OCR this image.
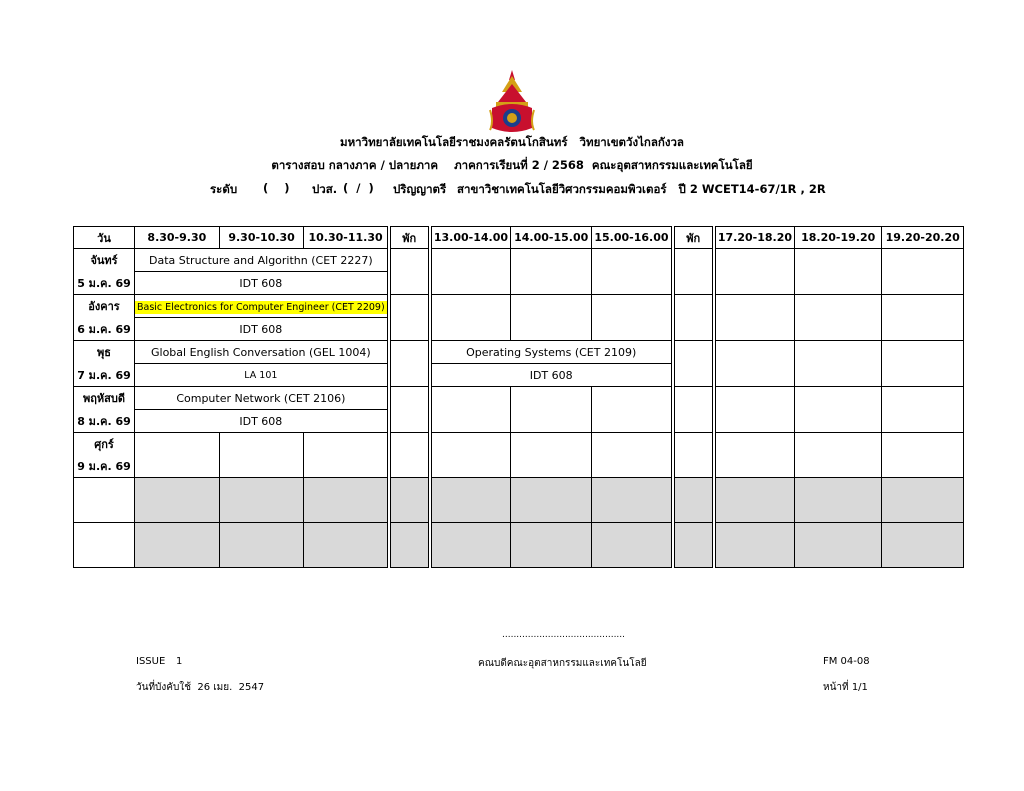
มหาวิทยาลัยเทคโนโลยีราชมงคลรัตนโกสินทร์   วิทยาเขตวังไกลกังวล
ตารางสอบ กลางภาค / ปลายภาค    ภาคการเรียนที่ 2 / 2568  คณะอุตสาหกรรมและเทคโนโลยี
ระดับ (    ) ปวส. (  /  ) ปริญญาตรี สาขาวิชาเทคโนโลยีวิศวกรรมคอมพิวเตอร์   ปี 2 WCET14-67/1R , 2R
วัน	8.30-9.30	9.30-10.30	10.30-11.30	พัก	13.00-14.00	14.00-15.00	15.00-16.00	พัก	17.20-18.20	18.20-19.20	19.20-20.20
จันทร์	Data Structure and Algorithn (CET 2227)										
5 ม.ค. 69	IDT 608										
อังคาร	Basic Electronics for Computer Engineer (CET 2209)										
6 ม.ค. 69	IDT 608										
พุธ	Global English Conversation (GEL 1004)				Operating Systems (CET 2109)						
7 ม.ค. 69	LA 101				IDT 608						
พฤหัสบดี	Computer Network (CET 2106)										
8 ม.ค. 69	IDT 608										
ศุกร์											
9 ม.ค. 69											

...........................................
ISSUE 1
วันที่บังคับใช้  26 เมย.  2547
คณบดีคณะอุตสาหกรรมและเทคโนโลยี	FM 04-08
หน้าที่ 1/1
